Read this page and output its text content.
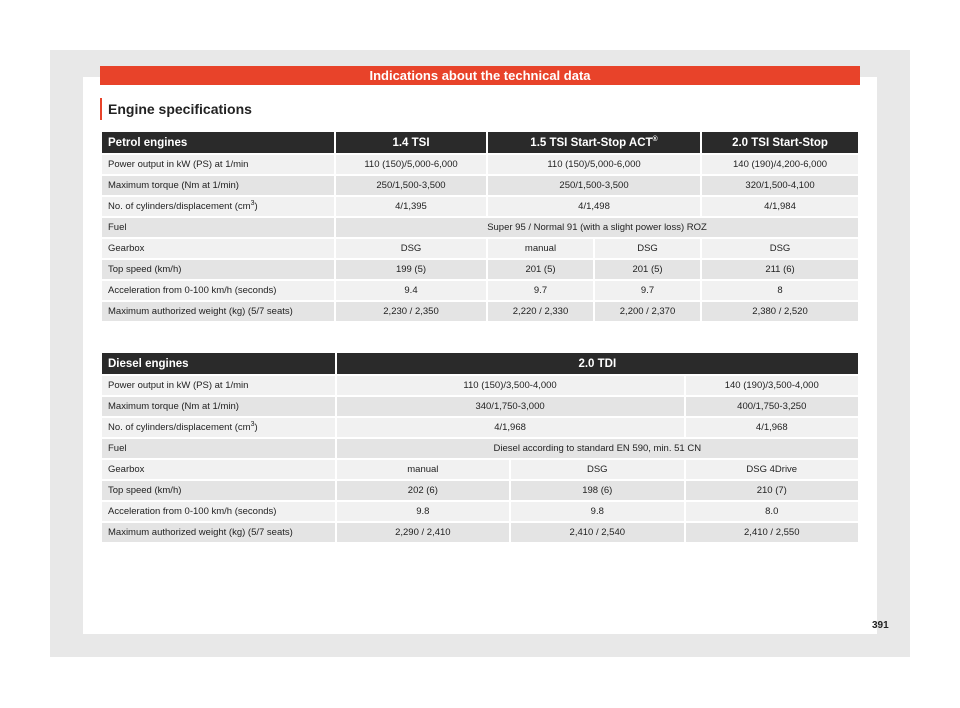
Indications about the technical data
Engine specifications
Petrol engines	1.4 TSI	1.5 TSI Start-Stop ACT®		2.0 TSI Start-Stop
Power output in kW (PS) at 1/min	110 (150)/5,000-6,000	110 (150)/5,000-6,000		140 (190)/4,200-6,000
Maximum torque (Nm at 1/min)	250/1,500-3,500	250/1,500-3,500		320/1,500-4,100
No. of cylinders/displacement $(cm^3)$	4/1,395	4/1,498		4/1,984
Fuel	Super 95 / Normal 91 (with a slight power loss) ROZ			
Gearbox	DSG	manual	DSG	DSG
Top speed (km/h)	199 (5)	201 (5)	201 (5)	211 (6)
Acceleration from 0-100 km/h (seconds)	9.4	9.7	9.7	8
Maximum authorized weight (kg) (5/7 seats)	2,230 / 2,350	2,220 / 2,330	2,200 / 2,370	2,380 / 2,520
Diesel engines	2.0 TDI		
Power output in kW (PS) at 1/min	110 (150)/3,500-4,000		140 (190)/3,500-4,000
Maximum torque (Nm at 1/min)	340/1,750-3,000		400/1,750-3,250
No. of cylinders/displacement $(cm^3)$	4/1,968		4/1,968
Fuel	Diesel according to standard EN 590, min. 51 CN		
Gearbox	manual	DSG	DSG 4Drive
Top speed (km/h)	202 (6)	198 (6)	210 (7)
Acceleration from 0-100 km/h (seconds)	9.8	9.8	8.0
Maximum authorized weight (kg) (5/7 seats)	2,290 / 2,410	2,410 / 2,540	2,410 / 2,550
391
